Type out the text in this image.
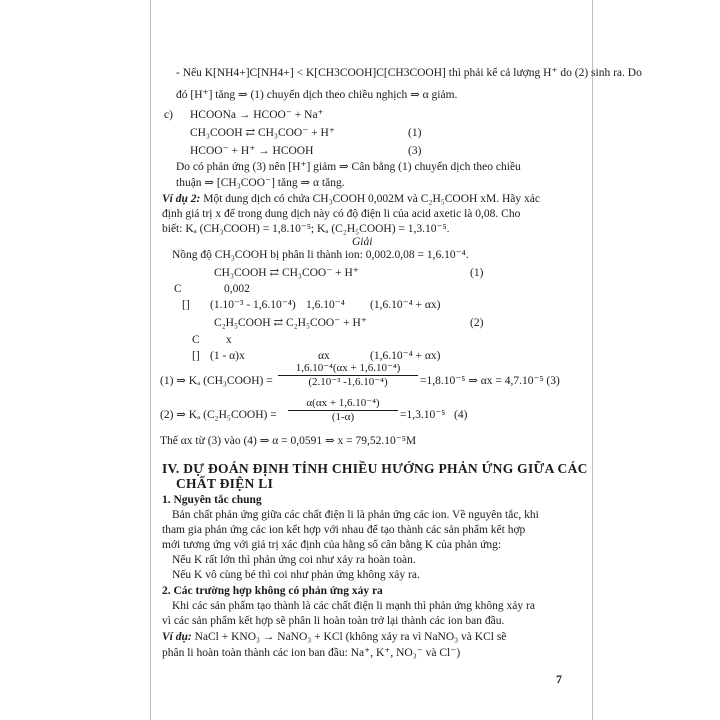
- Nếu K[NH4+]C[NH4+] < K[CH3COOH]C[CH3COOH] thì phải kể cả lượng H⁺ do (2) sinh ra. Do
đó [H⁺] tăng ⇒ (1) chuyển dịch theo chiều nghịch ⇒ α giảm.
c) HCOONa → HCOO⁻ + Na⁺
CH₃COOH ⇄ CH₃COO⁻ + H⁺	(1)
HCOO⁻ + H⁺ → HCOOH	(3)
Do có phản ứng (3) nên [H⁺] giảm ⇒ Cân bằng (1) chuyển dịch theo chiều
thuận ⇒ [CH₃COO⁻] tăng ⇒ α tăng.
Ví dụ 2: Một dung dịch có chứa CH₃COOH 0,002M và C₂H₅COOH xM. Hãy xác
định giá trị x để trong dung dịch này có độ điện li của acid axetic là 0,08. Cho
biết: Kₐ (CH₃COOH) = 1,8.10⁻⁵; Kₐ (C₂H₅COOH) = 1,3.10⁻⁵.
Giải
Nồng độ CH₃COOH bị phân li thành ion: 0,002.0,08 = 1,6.10⁻⁴.
CH₃COOH ⇄ CH₃COO⁻ + H⁺	(1)
C	0,002
[] (1.10⁻³ - 1,6.10⁻⁴) 1,6.10⁻⁴ (1,6.10⁻⁴ + αx)
C₂H₅COOH ⇄ C₂H₅COO⁻ + H⁺	(2)
C x
[] (1 - α)x	αx	(1,6.10⁻⁴ + αx)
(1) ⇒ Kₐ (CH₃COOH) = $\frac{\text{1,6.10⁻⁴(αx + 1,6.10⁻⁴)}}{\text{(2.10⁻³ -1,6.10⁻⁴)}} =1,8.10^{-5}$ ⇒ αx = 4,7.10⁻⁵ (3)
(2) ⇒ Kₐ (C₂H₅COOH) = $\frac{\text{α(αx + 1,6.10⁻⁴)}}{(1-\alpha)} =1,3.10^{-5}$ (4)
Thế αx từ (3) vào (4) ⇒ α = 0,0591 ⇒ x = 79,52.10⁻⁵M
IV. DỰ ĐOÁN ĐỊNH TÍNH CHIỀU HƯỚNG PHẢN ỨNG GIỮA CÁC
CHẤT ĐIỆN LI
1. Nguyên tắc chung
Bản chất phản ứng giữa các chất điện li là phản ứng các ion. Về nguyên tắc, khi
tham gia phản ứng các ion kết hợp với nhau để tạo thành các sản phẩm kết hợp
mới tương ứng với giá trị xác định của hằng số cân bằng K của phản ứng:
Nếu K rất lớn thì phản ứng coi như xảy ra hoàn toàn.
Nếu K vô cùng bé thì coi như phản ứng không xảy ra.
2. Các trường hợp không có phản ứng xảy ra
Khi các sản phẩm tạo thành là các chất điện li mạnh thì phản ứng không xảy ra
vì các sản phẩm kết hợp sẽ phân li hoàn toàn trở lại thành các ion ban đầu.
Ví dụ: NaCl + KNO₃ → NaNO₃ + KCl (không xảy ra vì NaNO₃ và KCl sẽ
phân li hoàn toàn thành các ion ban đầu: Na⁺, K⁺, NO₃⁻ và Cl⁻)
7
